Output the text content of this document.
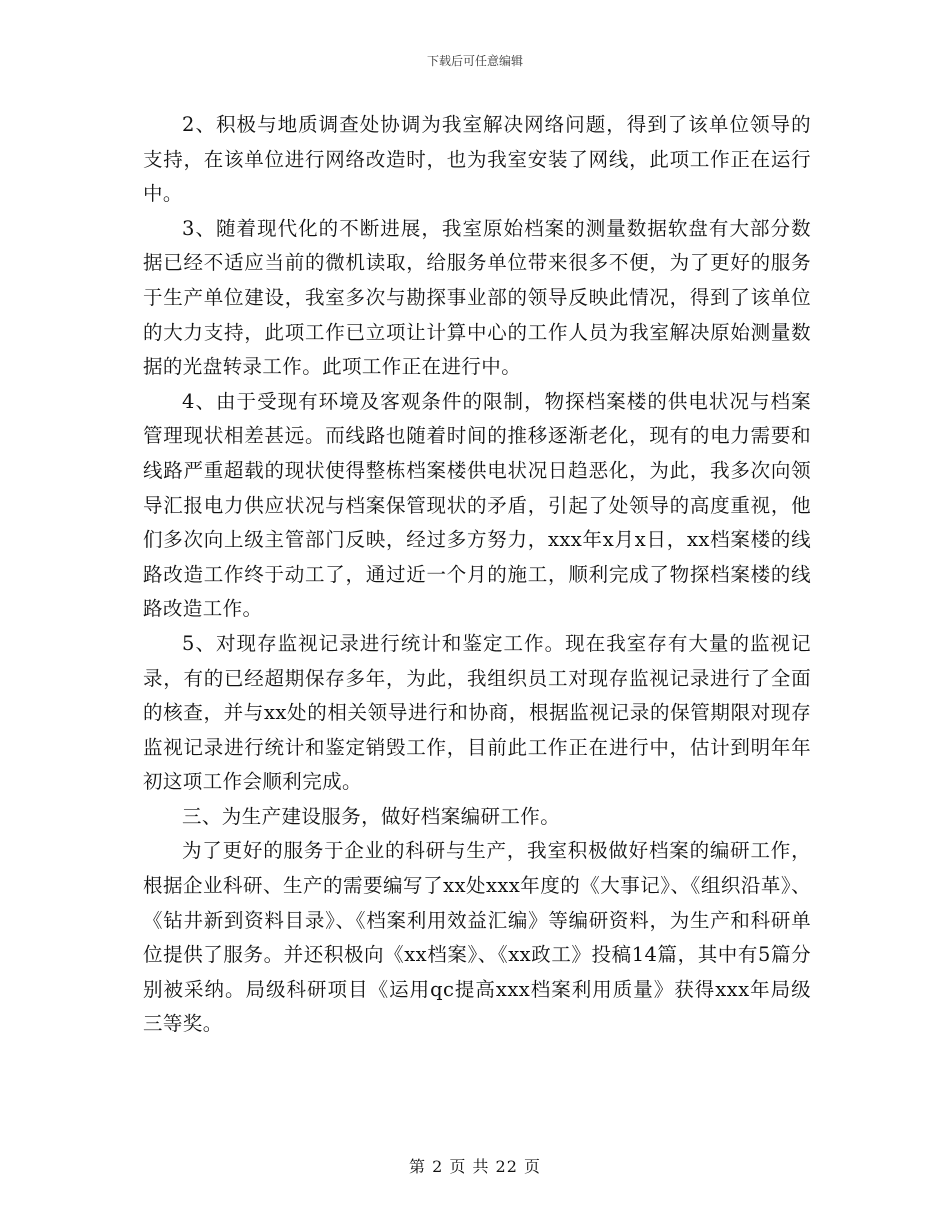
下载后可任意编辑

2、积极与地质调查处协调为我室解决网络问题，得到了该单位领导的支持，在该单位进行网络改造时，也为我室安装了网线，此项工作正在运行中。

3、随着现代化的不断进展，我室原始档案的测量数据软盘有大部分数据已经不适应当前的微机读取，给服务单位带来很多不便，为了更好的服务于生产单位建设，我室多次与勘探事业部的领导反映此情况，得到了该单位的大力支持，此项工作已立项让计算中心的工作人员为我室解决原始测量数据的光盘转录工作。此项工作正在进行中。

4、由于受现有环境及客观条件的限制，物探档案楼的供电状况与档案管理现状相差甚远。而线路也随着时间的推移逐渐老化，现有的电力需要和线路严重超载的现状使得整栋档案楼供电状况日趋恶化，为此，我多次向领导汇报电力供应状况与档案保管现状的矛盾，引起了处领导的高度重视，他们多次向上级主管部门反映，经过多方努力，xxx年x月x日，xx档案楼的线路改造工作终于动工了，通过近一个月的施工，顺利完成了物探档案楼的线路改造工作。

5、对现存监视记录进行统计和鉴定工作。现在我室存有大量的监视记录，有的已经超期保存多年，为此，我组织员工对现存监视记录进行了全面的核查，并与xx处的相关领导进行和协商，根据监视记录的保管期限对现存监视记录进行统计和鉴定销毁工作，目前此工作正在进行中，估计到明年年初这项工作会顺利完成。

三、为生产建设服务，做好档案编研工作。

为了更好的服务于企业的科研与生产，我室积极做好档案的编研工作，根据企业科研、生产的需要编写了xx处xxx年度的《大事记》、《组织沿革》、《钻井新到资料目录》、《档案利用效益汇编》等编研资料，为生产和科研单位提供了服务。并还积极向《xx档案》、《xx政工》投稿14篇，其中有5篇分别被采纳。局级科研项目《运用qc提高xxx档案利用质量》获得xxx年局级三等奖。

第 2 页 共 22 页
